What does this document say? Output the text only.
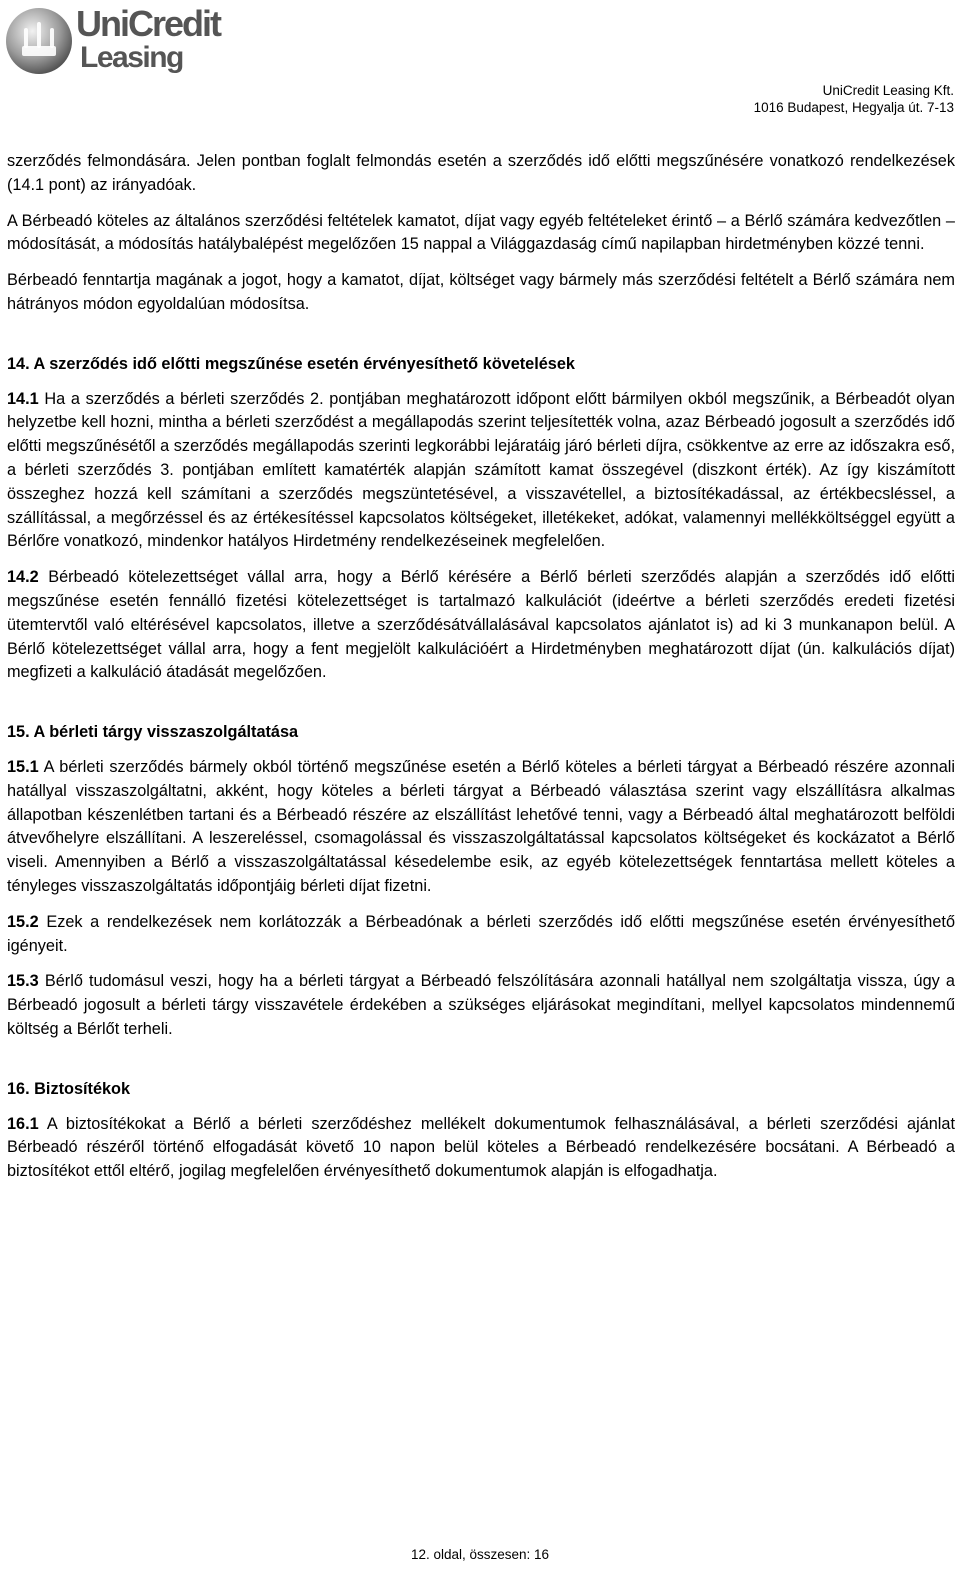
UniCredit
Leasing
UniCredit Leasing Kft.
1016 Budapest, Hegyalja út. 7-13

szerződés felmondására. Jelen pontban foglalt felmondás esetén a szerződés idő előtti megszűnésére vonatkozó rendelkezések (14.1 pont) az irányadóak.

A Bérbeadó köteles az általános szerződési feltételek kamatot, díjat vagy egyéb feltételeket érintő – a Bérlő számára kedvezőtlen – módosítását, a módosítás hatálybalépést megelőzően 15 nappal a Világgazdaság című napilapban hirdetményben közzé tenni.

Bérbeadó fenntartja magának a jogot, hogy a kamatot, díjat, költséget vagy bármely más szerződési feltételt a Bérlő számára nem hátrányos módon egyoldalúan módosítsa.

14. A szerződés idő előtti megszűnése esetén érvényesíthető követelések

14.1 Ha a szerződés a bérleti szerződés 2. pontjában meghatározott időpont előtt bármilyen okból megszűnik, a Bérbeadót olyan helyzetbe kell hozni, mintha a bérleti szerződést a megállapodás szerint teljesítették volna, azaz Bérbeadó jogosult a szerződés idő előtti megszűnésétől a szerződés megállapodás szerinti legkorábbi lejáratáig járó bérleti díjra, csökkentve az erre az időszakra eső, a bérleti szerződés 3. pontjában említett kamatérték alapján számított kamat összegével (diszkont érték). Az így kiszámított összeghez hozzá kell számítani a szerződés megszüntetésével, a visszavétellel, a biztosítékadással, az értékbecsléssel, a szállítással, a megőrzéssel és az értékesítéssel kapcsolatos költségeket, illetékeket, adókat, valamennyi mellékköltséggel együtt a Bérlőre vonatkozó, mindenkor hatályos Hirdetmény rendelkezéseinek megfelelően.

14.2 Bérbeadó kötelezettséget vállal arra, hogy a Bérlő kérésére a Bérlő bérleti szerződés alapján a szerződés idő előtti megszűnése esetén fennálló fizetési kötelezettséget is tartalmazó kalkulációt (ideértve a bérleti szerződés eredeti fizetési ütemtervtől való eltérésével kapcsolatos, illetve a szerződésátvállalásával kapcsolatos ajánlatot is) ad ki 3 munkanapon belül. A Bérlő kötelezettséget vállal arra, hogy a fent megjelölt kalkulációért a Hirdetményben meghatározott díjat (ún. kalkulációs díjat) megfizeti a kalkuláció átadását megelőzően.

15. A bérleti tárgy visszaszolgáltatása

15.1 A bérleti szerződés bármely okból történő megszűnése esetén a Bérlő köteles a bérleti tárgyat a Bérbeadó részére azonnali hatállyal visszaszolgáltatni, akként, hogy köteles a bérleti tárgyat a Bérbeadó választása szerint vagy elszállításra alkalmas állapotban készenlétben tartani és a Bérbeadó részére az elszállítást lehetővé tenni, vagy a Bérbeadó által meghatározott belföldi átvevőhelyre elszállítani. A leszereléssel, csomagolással és visszaszolgáltatással kapcsolatos költségeket és kockázatot a Bérlő viseli. Amennyiben a Bérlő a visszaszolgáltatással késedelembe esik, az egyéb kötelezettségek fenntartása mellett köteles a tényleges visszaszolgáltatás időpontjáig bérleti díjat fizetni.

15.2 Ezek a rendelkezések nem korlátozzák a Bérbeadónak a bérleti szerződés idő előtti megszűnése esetén érvényesíthető igényeit.

15.3 Bérlő tudomásul veszi, hogy ha a bérleti tárgyat a Bérbeadó felszólítására azonnali hatállyal nem szolgáltatja vissza, úgy a Bérbeadó jogosult a bérleti tárgy visszavétele érdekében a szükséges eljárásokat megindítani, mellyel kapcsolatos mindennemű költség a Bérlőt terheli.

16. Biztosítékok

16.1 A biztosítékokat a Bérlő a bérleti szerződéshez mellékelt dokumentumok felhasználásával, a bérleti szerződési ajánlat Bérbeadó részéről történő elfogadását követő 10 napon belül köteles a Bérbeadó rendelkezésére bocsátani. A Bérbeadó a biztosítékot ettől eltérő, jogilag megfelelően érvényesíthető dokumentumok alapján is elfogadhatja.

12. oldal, összesen: 16
